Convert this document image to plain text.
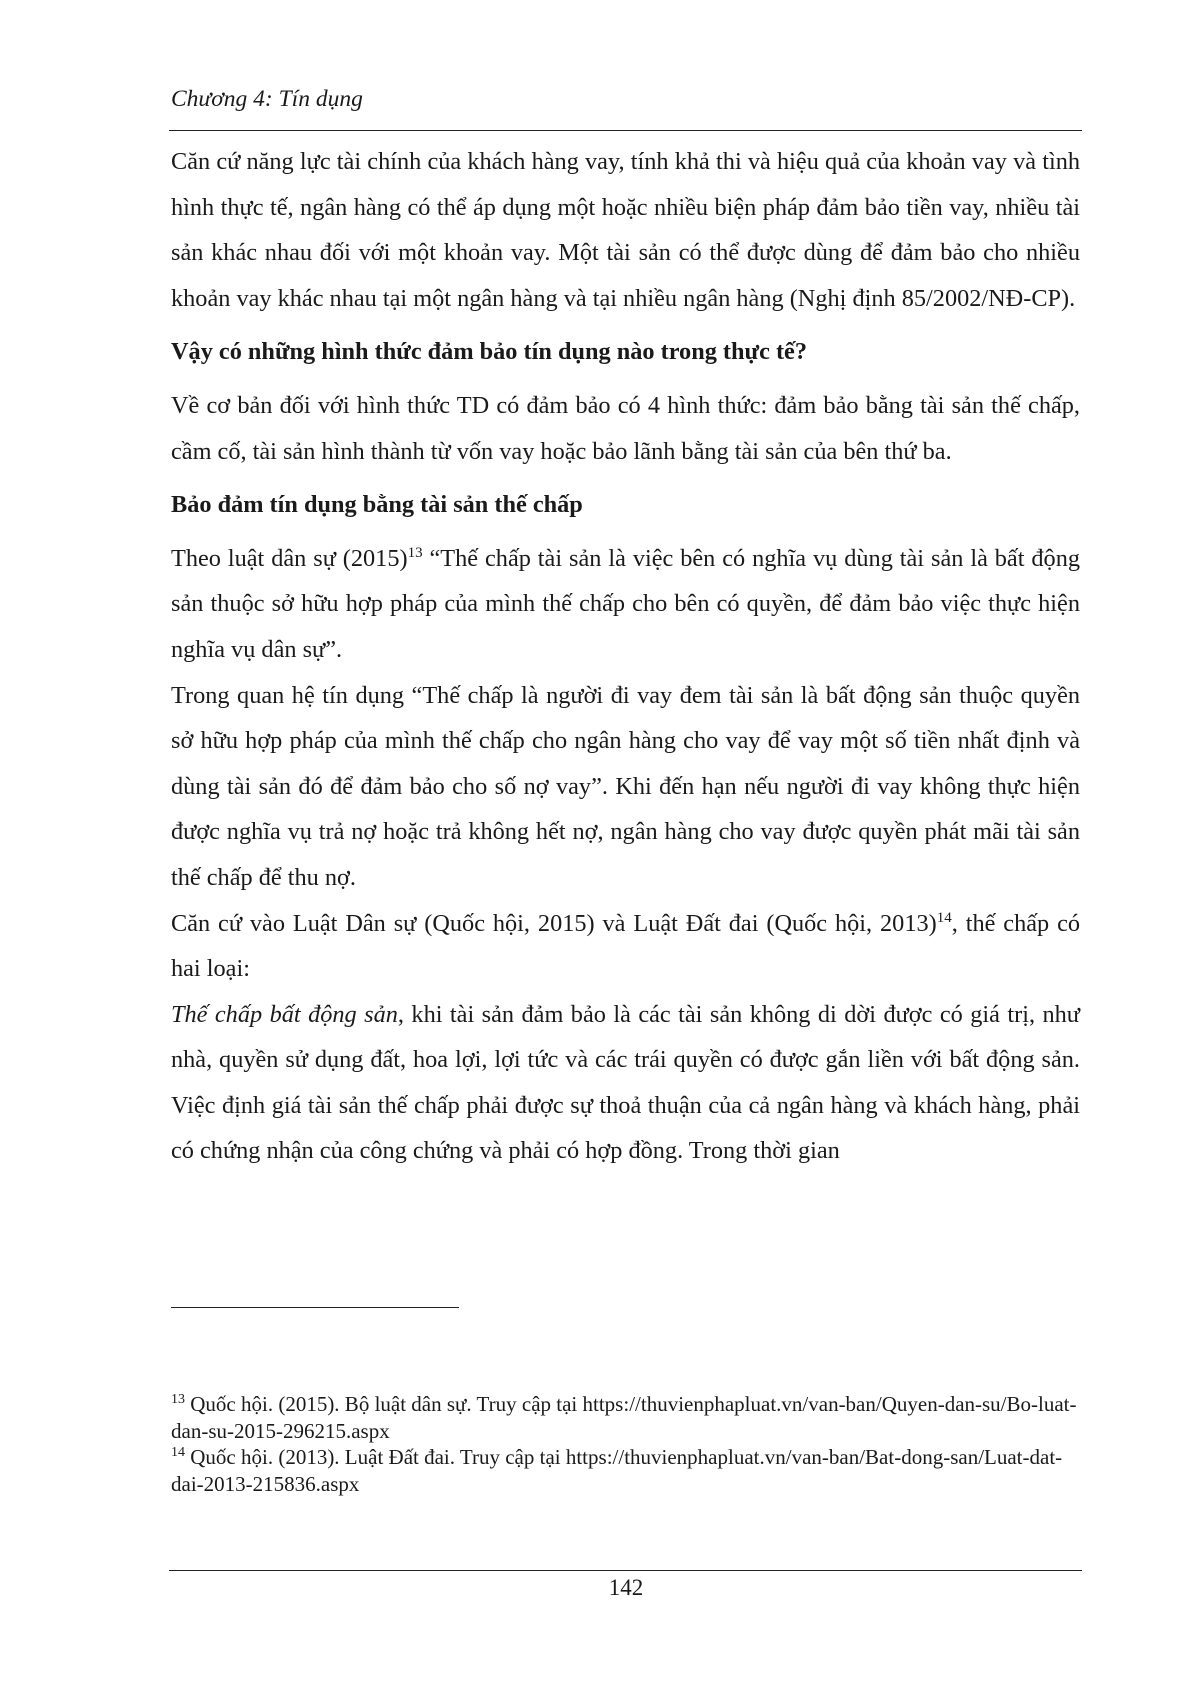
Chương 4: Tín dụng

Căn cứ năng lực tài chính của khách hàng vay, tính khả thi và hiệu quả của khoản vay và tình hình thực tế, ngân hàng có thể áp dụng một hoặc nhiều biện pháp đảm bảo tiền vay, nhiều tài sản khác nhau đối với một khoản vay. Một tài sản có thể được dùng để đảm bảo cho nhiều khoản vay khác nhau tại một ngân hàng và tại nhiều ngân hàng (Nghị định 85/2002/NĐ-CP).

Vậy có những hình thức đảm bảo tín dụng nào trong thực tế?

Về cơ bản đối với hình thức TD có đảm bảo có 4 hình thức: đảm bảo bằng tài sản thế chấp, cầm cố, tài sản hình thành từ vốn vay hoặc bảo lãnh bằng tài sản của bên thứ ba.

Bảo đảm tín dụng bằng tài sản thế chấp

Theo luật dân sự $(2015)^{13}$ “Thế chấp tài sản là việc bên có nghĩa vụ dùng tài sản là bất động sản thuộc sở hữu hợp pháp của mình thế chấp cho bên có quyền, để đảm bảo việc thực hiện nghĩa vụ dân sự”.

Trong quan hệ tín dụng “Thế chấp là người đi vay đem tài sản là bất động sản thuộc quyền sở hữu hợp pháp của mình thế chấp cho ngân hàng cho vay để vay một số tiền nhất định và dùng tài sản đó để đảm bảo cho số nợ vay”. Khi đến hạn nếu người đi vay không thực hiện được nghĩa vụ trả nợ hoặc trả không hết nợ, ngân hàng cho vay được quyền phát mãi tài sản thế chấp để thu nợ.

Căn cứ vào Luật Dân sự (Quốc hội, 2015) và Luật Đất đai (Quốc hội, 2013)$^{14}$, thế chấp có hai loại:

Thế chấp bất động sản, khi tài sản đảm bảo là các tài sản không di dời được có giá trị, như nhà, quyền sử dụng đất, hoa lợi, lợi tức và các trái quyền có được gắn liền với bất động sản. Việc định giá tài sản thế chấp phải được sự thoả thuận của cả ngân hàng và khách hàng, phải có chứng nhận của công chứng và phải có hợp đồng. Trong thời gian

$^{13}$ Quốc hội. (2015). Bộ luật dân sự. Truy cập tại https://thuvienphapluat.vn/van-ban/Quyen-dan-su/Bo-luat-dan-su-2015-296215.aspx

$^{14}$ Quốc hội. (2013). Luật Đất đai. Truy cập tại https://thuvienphapluat.vn/van-ban/Bat-dong-san/Luat-dat-dai-2013-215836.aspx

142
